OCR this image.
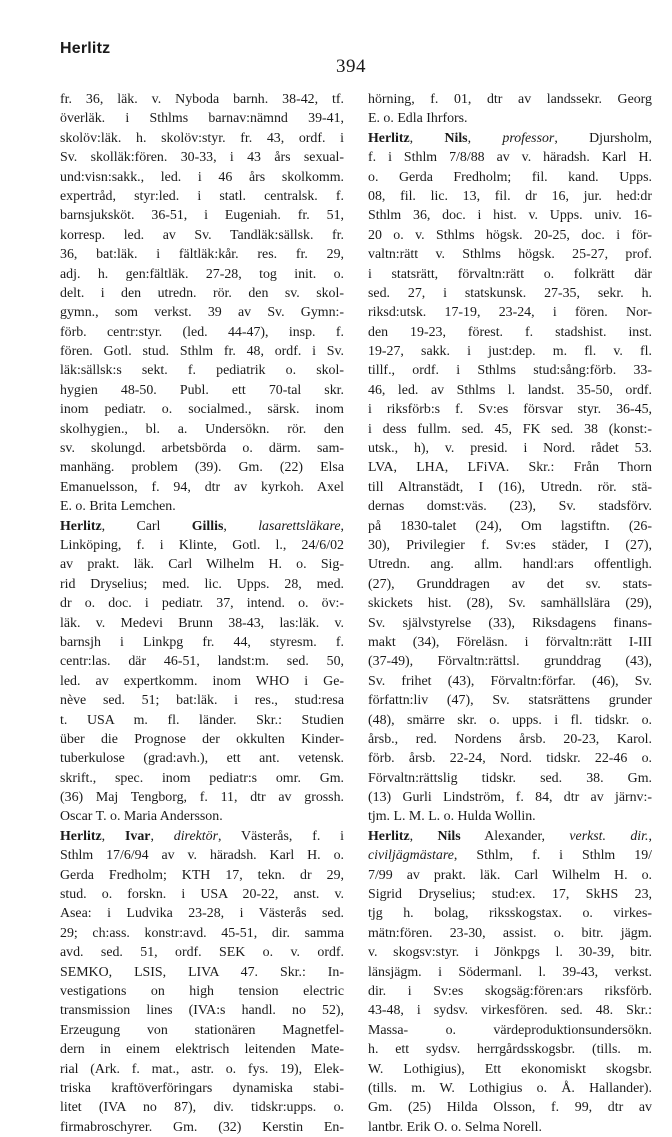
Herlitz
394
fr. 36, läk. v. Nyboda barnh. 38-42, tf.
överläk. i Sthlms barnav:nämnd 39-41,
skolöv:läk. h. skolöv:styr. fr. 43, ordf. i
Sv. skolläk:fören. 30-33, i 43 års sexual-
und:visn:sakk., led. i 46 års skolkomm.
expertråd, styr:led. i statl. centralsk. f.
barnsjuksköt. 36-51, i Eugeniah. fr. 51,
korresp. led. av Sv. Tandläk:sällsk. fr.
36, bat:läk. i fältläk:kår. res. fr. 29,
adj. h. gen:fältläk. 27-28, tog init. o.
delt. i den utredn. rör. den sv. skol-
gymn., som verkst. 39 av Sv. Gymn:-
förb. centr:styr. (led. 44-47), insp. f.
fören. Gotl. stud. Sthlm fr. 48, ordf. i Sv.
läk:sällsk:s sekt. f. pediatrik o. skol-
hygien 48-50. Publ. ett 70-tal skr.
inom pediatr. o. socialmed., särsk. inom
skolhygien., bl. a. Undersökn. rör. den
sv. skolungd. arbetsbörda o. därm. sam-
manhäng. problem (39). Gm. (22) Elsa
Emanuelsson, f. 94, dtr av kyrkoh. Axel
E. o. Brita Lemchen.
Herlitz, Carl Gillis, lasarettsläkare,
Linköping, f. i Klinte, Gotl. l., 24/6/02
av prakt. läk. Carl Wilhelm H. o. Sig-
rid Dryselius; med. lic. Upps. 28, med.
dr o. doc. i pediatr. 37, intend. o. öv:-
läk. v. Medevi Brunn 38-43, las:läk. v.
barnsjh i Linkpg fr. 44, styresm. f.
centr:las. där 46-51, landst:m. sed. 50,
led. av expertkomm. inom WHO i Ge-
nève sed. 51; bat:läk. i res., stud:resa
t. USA m. fl. länder. Skr.: Studien
über die Prognose der okkulten Kinder-
tuberkulose (grad:avh.), ett ant. vetensk.
skrift., spec. inom pediatr:s omr. Gm.
(36) Maj Tengborg, f. 11, dtr av grossh.
Oscar T. o. Maria Andersson.
Herlitz, Ivar, direktör, Västerås, f. i
Sthlm 17/6/94 av v. häradsh. Karl H. o.
Gerda Fredholm; KTH 17, tekn. dr 29,
stud. o. forskn. i USA 20-22, anst. v.
Asea: i Ludvika 23-28, i Västerås sed.
29; ch:ass. konstr:avd. 45-51, dir. samma
avd. sed. 51, ordf. SEK o. v. ordf.
SEMKO, LSIS, LIVA 47. Skr.: In-
vestigations on high tension electric
transmission lines (IVA:s handl. no 52),
Erzeugung von stationären Magnetfel-
dern in einem elektrisch leitenden Mate-
rial (Ark. f. mat., astr. o. fys. 19), Elek-
triska kraftöverföringars dynamiska stabi-
litet (IVA no 87), div. tidskr:upps. o.
firmabroschyrer. Gm. (32) Kerstin En-
hörning, f. 01, dtr av landssekr. Georg
E. o. Edla Ihrfors.
Herlitz, Nils, professor, Djursholm,
f. i Sthlm 7/8/88 av v. häradsh. Karl H.
o. Gerda Fredholm; fil. kand. Upps.
08, fil. lic. 13, fil. dr 16, jur. hed:dr
Sthlm 36, doc. i hist. v. Upps. univ. 16-
20 o. v. Sthlms högsk. 20-25, doc. i för-
valtn:rätt v. Sthlms högsk. 25-27, prof.
i statsrätt, förvaltn:rätt o. folkrätt där
sed. 27, i statskunsk. 27-35, sekr. h.
riksd:utsk. 17-19, 23-24, i fören. Nor-
den 19-23, förest. f. stadshist. inst.
19-27, sakk. i just:dep. m. fl. v. fl.
tillf., ordf. i Sthlms stud:sång:förb. 33-
46, led. av Sthlms l. landst. 35-50, ordf.
i riksförb:s f. Sv:es försvar styr. 36-45,
i dess fullm. sed. 45, FK sed. 38 (konst:-
utsk., h), v. presid. i Nord. rådet 53.
LVA, LHA, LFiVA. Skr.: Från Thorn
till Altranstädt, I (16), Utredn. rör. stä-
dernas domst:väs. (23), Sv. stadsförv.
på 1830-talet (24), Om lagstiftn. (26-
30), Privilegier f. Sv:es städer, I (27),
Utredn. ang. allm. handl:ars offentligh.
(27), Grunddragen av det sv. stats-
skickets hist. (28), Sv. samhällslära (29),
Sv. självstyrelse (33), Riksdagens finans-
makt (34), Föreläsn. i förvaltn:rätt I-III
(37-49), Förvaltn:rättsl. grunddrag (43),
Sv. frihet (43), Förvaltn:förfar. (46), Sv.
författn:liv (47), Sv. statsrättens grunder
(48), smärre skr. o. upps. i fl. tidskr. o.
årsb., red. Nordens årsb. 20-23, Karol.
förb. årsb. 22-24, Nord. tidskr. 22-46 o.
Förvaltn:rättslig tidskr. sed. 38. Gm.
(13) Gurli Lindström, f. 84, dtr av järnv:-
tjm. L. M. L. o. Hulda Wollin.
Herlitz, Nils Alexander, verkst. dir.,
civiljägmästare, Sthlm, f. i Sthlm 19/
7/99 av prakt. läk. Carl Wilhelm H. o.
Sigrid Dryselius; stud:ex. 17, SkHS 23,
tjg h. bolag, riksskogstax. o. virkes-
mätn:fören. 23-30, assist. o. bitr. jägm.
v. skogsv:styr. i Jönkpgs l. 30-39, bitr.
länsjägm. i Södermanl. l. 39-43, verkst.
dir. i Sv:es skogsäg:fören:ars riksförb.
43-48, i sydsv. virkesfören. sed. 48. Skr.:
Massa- o. värdeproduktionsundersökn.
h. ett sydsv. herrgårdsskogsbr. (tills. m.
W. Lothigius), Ett ekonomiskt skogsbr.
(tills. m. W. Lothigius o. Å. Hallander).
Gm. (25) Hilda Olsson, f. 99, dtr av
lantbr. Erik O. o. Selma Norell.
